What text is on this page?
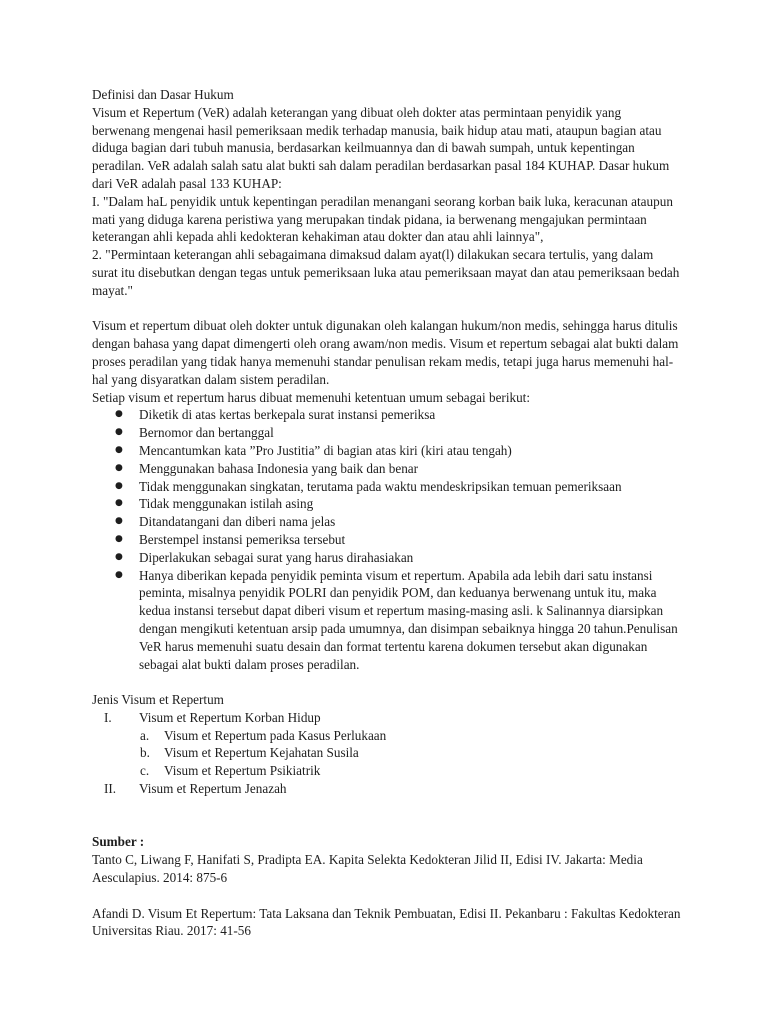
Definisi dan Dasar Hukum

Visum et Repertum (VeR) adalah keterangan yang dibuat oleh dokter atas permintaan penyidik yang berwenang mengenai hasil pemeriksaan medik terhadap manusia, baik hidup atau mati, ataupun bagian atau diduga bagian dari tubuh manusia, berdasarkan keilmuannya dan di bawah sumpah, untuk kepentingan peradilan. VeR adalah salah satu alat bukti sah dalam peradilan berdasarkan pasal 184 KUHAP. Dasar hukum dari VeR adalah pasal 133 KUHAP:

I. "Dalam haL penyidik untuk kepentingan peradilan menangani seorang korban baik luka, keracunan ataupun mati yang diduga karena peristiwa yang merupakan tindak pidana, ia berwenang mengajukan permintaan keterangan ahli kepada ahli kedokteran kehakiman atau dokter dan atau ahli lainnya",

2. "Permintaan keterangan ahli sebagaimana dimaksud dalam ayat(l) dilakukan secara tertulis, yang dalam surat itu disebutkan dengan tegas untuk pemeriksaan luka atau pemeriksaan mayat dan atau pemeriksaan bedah mayat."

Visum et repertum dibuat oleh dokter untuk digunakan oleh kalangan hukum/non medis, sehingga harus ditulis dengan bahasa yang dapat dimengerti oleh orang awam/non medis. Visum et repertum sebagai alat bukti dalam proses peradilan yang tidak hanya memenuhi standar penulisan rekam medis, tetapi juga harus memenuhi hal-hal yang disyaratkan dalam sistem peradilan.

Setiap visum et repertum harus dibuat memenuhi ketentuan umum sebagai berikut:

● Diketik di atas kertas berkepala surat instansi pemeriksa
● Bernomor dan bertanggal
● Mencantumkan kata ”Pro Justitia” di bagian atas kiri (kiri atau tengah)
● Menggunakan bahasa Indonesia yang baik dan benar
● Tidak menggunakan singkatan, terutama pada waktu mendeskripsikan temuan pemeriksaan
● Tidak menggunakan istilah asing
● Ditandatangani dan diberi nama jelas
● Berstempel instansi pemeriksa tersebut
● Diperlakukan sebagai surat yang harus dirahasiakan
● Hanya diberikan kepada penyidik peminta visum et repertum. Apabila ada lebih dari satu instansi peminta, misalnya penyidik POLRI dan penyidik POM, dan keduanya berwenang untuk itu, maka kedua instansi tersebut dapat diberi visum et repertum masing-masing asli. k Salinannya diarsipkan dengan mengikuti ketentuan arsip pada umumnya, dan disimpan sebaiknya hingga 20 tahun.Penulisan VeR harus memenuhi suatu desain dan format tertentu karena dokumen tersebut akan digunakan sebagai alat bukti dalam proses peradilan.

Jenis Visum et Repertum

I. Visum et Repertum Korban Hidup
a. Visum et Repertum pada Kasus Perlukaan
b. Visum et Repertum Kejahatan Susila
c. Visum et Repertum Psikiatrik
II. Visum et Repertum Jenazah

Sumber :

Tanto C, Liwang F, Hanifati S, Pradipta EA. Kapita Selekta Kedokteran Jilid II, Edisi IV. Jakarta: Media Aesculapius. 2014: 875-6

Afandi D. Visum Et Repertum: Tata Laksana dan Teknik Pembuatan, Edisi II. Pekanbaru : Fakultas Kedokteran Universitas Riau. 2017: 41-56
